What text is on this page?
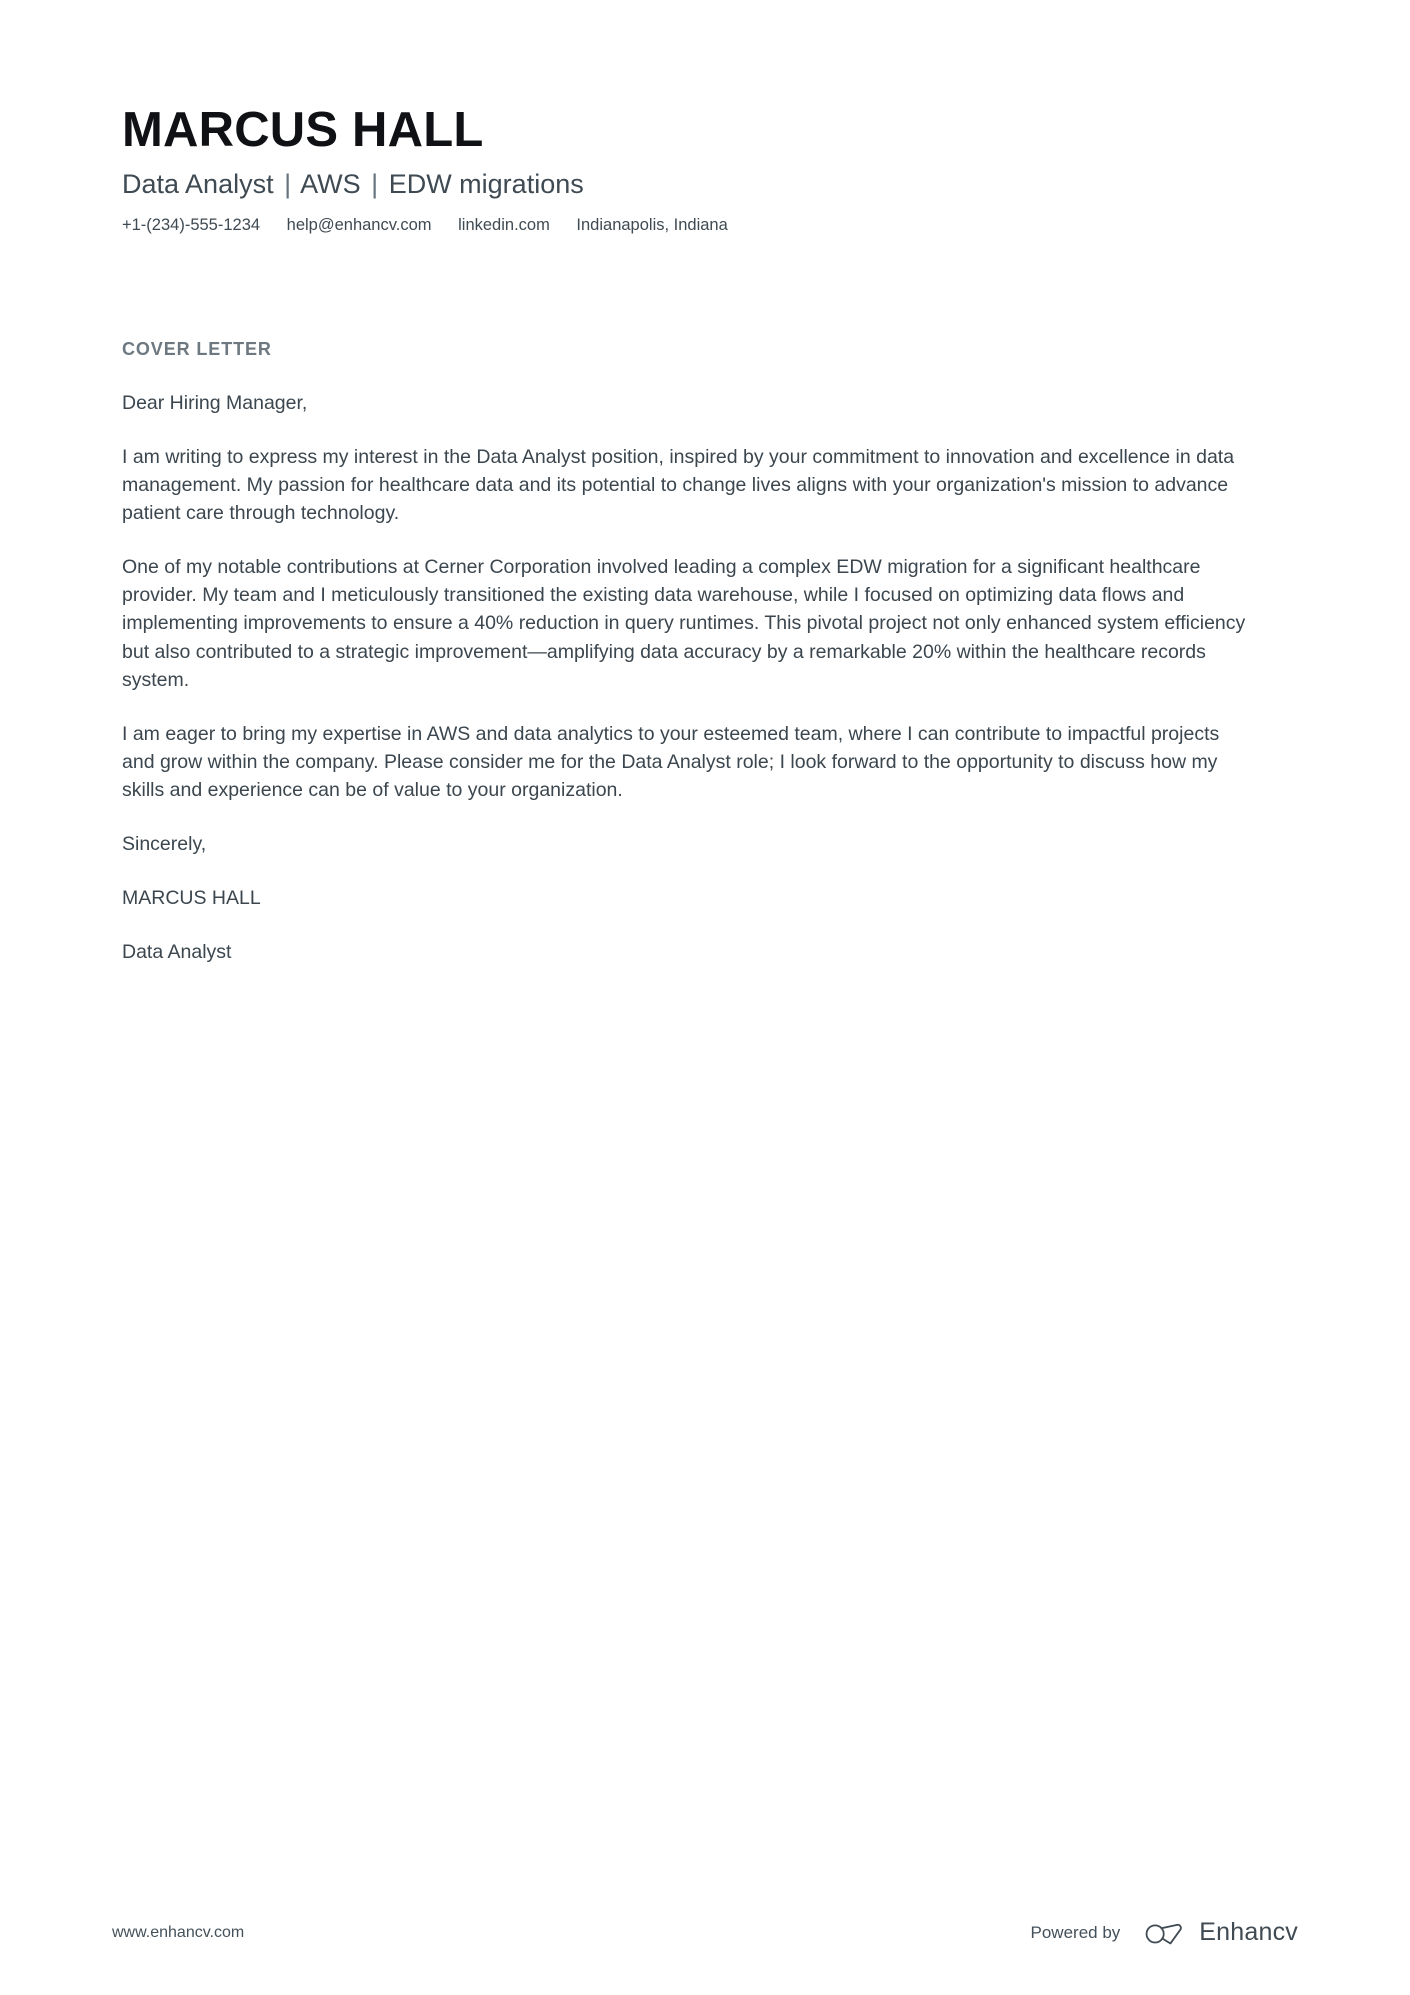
MARCUS HALL
Data Analyst | AWS | EDW migrations
+1-(234)-555-1234 help@enhancv.com linkedin.com Indianapolis, Indiana
COVER LETTER

Dear Hiring Manager,

I am writing to express my interest in the Data Analyst position, inspired by your commitment to innovation and excellence in data management. My passion for healthcare data and its potential to change lives aligns with your organization's mission to advance patient care through technology.

One of my notable contributions at Cerner Corporation involved leading a complex EDW migration for a significant healthcare provider. My team and I meticulously transitioned the existing data warehouse, while I focused on optimizing data flows and implementing improvements to ensure a 40% reduction in query runtimes. This pivotal project not only enhanced system efficiency but also contributed to a strategic improvement—amplifying data accuracy by a remarkable 20% within the healthcare records system.

I am eager to bring my expertise in AWS and data analytics to your esteemed team, where I can contribute to impactful projects and grow within the company. Please consider me for the Data Analyst role; I look forward to the opportunity to discuss how my skills and experience can be of value to your organization.

Sincerely,

MARCUS HALL

Data Analyst

www.enhancv.com	Powered by	Enhancv
